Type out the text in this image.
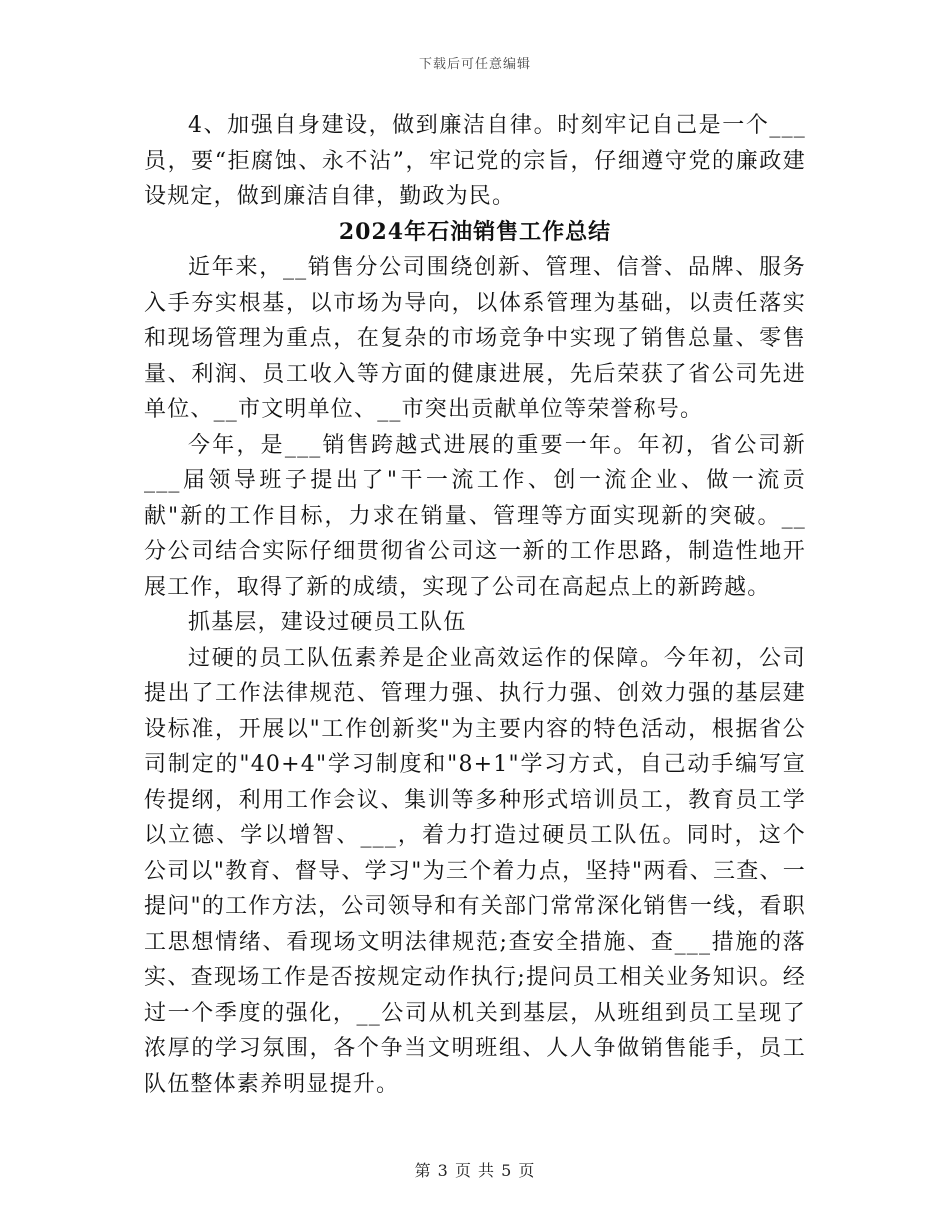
下载后可任意编辑

4、加强自身建设，做到廉洁自律。时刻牢记自己是一个___员，要“拒腐蚀、永不沾”，牢记党的宗旨，仔细遵守党的廉政建设规定，做到廉洁自律，勤政为民。

2024年石油销售工作总结

近年来，__销售分公司围绕创新、管理、信誉、品牌、服务入手夯实根基，以市场为导向，以体系管理为基础，以责任落实和现场管理为重点，在复杂的市场竞争中实现了销售总量、零售量、利润、员工收入等方面的健康进展，先后荣获了省公司先进单位、__市文明单位、__市突出贡献单位等荣誉称号。

今年，是___销售跨越式进展的重要一年。年初，省公司新___届领导班子提出了"干一流工作、创一流企业、做一流贡献"新的工作目标，力求在销量、管理等方面实现新的突破。__分公司结合实际仔细贯彻省公司这一新的工作思路，制造性地开展工作，取得了新的成绩，实现了公司在高起点上的新跨越。

抓基层，建设过硬员工队伍

过硬的员工队伍素养是企业高效运作的保障。今年初，公司提出了工作法律规范、管理力强、执行力强、创效力强的基层建设标准，开展以"工作创新奖"为主要内容的特色活动，根据省公司制定的"40+4"学习制度和"8+1"学习方式，自己动手编写宣传提纲，利用工作会议、集训等多种形式培训员工，教育员工学以立德、学以增智、___，着力打造过硬员工队伍。同时，这个公司以"教育、督导、学习"为三个着力点，坚持"两看、三查、一提问"的工作方法，公司领导和有关部门常常深化销售一线，看职工思想情绪、看现场文明法律规范;查安全措施、查___措施的落实、查现场工作是否按规定动作执行;提问员工相关业务知识。经过一个季度的强化，__公司从机关到基层，从班组到员工呈现了浓厚的学习氛围，各个争当文明班组、人人争做销售能手，员工队伍整体素养明显提升。

第 3 页 共 5 页
